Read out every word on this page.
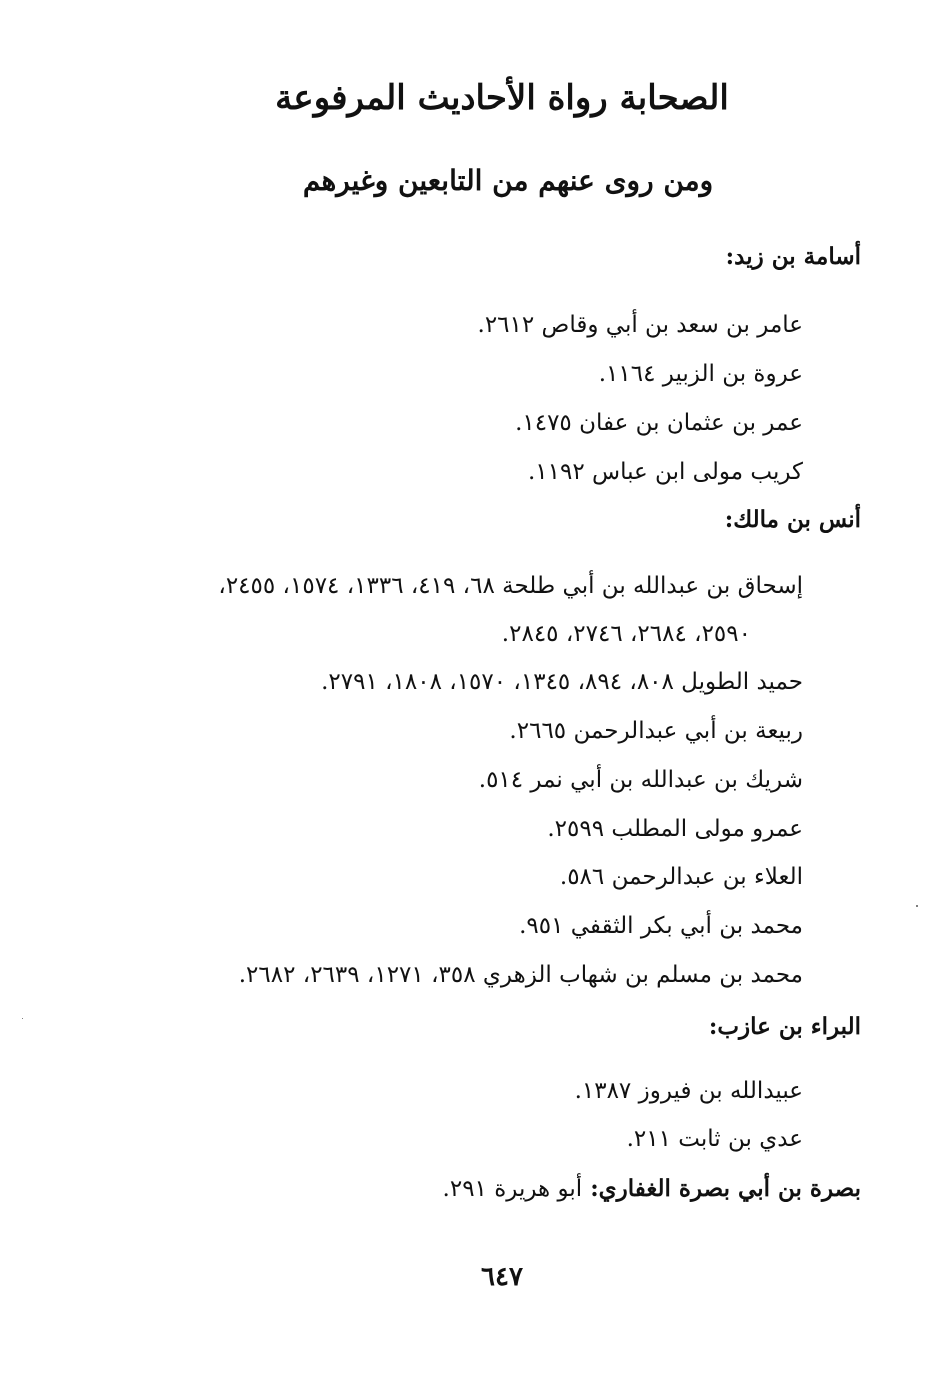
الصحابة رواة الأحاديث المرفوعة
ومن روى عنهم من التابعين وغيرهم
أسامة بن زيد:
عامر بن سعد بن أبي وقاص ٢٦١٢.
عروة بن الزبير ١١٦٤.
عمر بن عثمان بن عفان ١٤٧٥.
كريب مولى ابن عباس ١١٩٢.
أنس بن مالك:
إسحاق بن عبدالله بن أبي طلحة ٦٨، ٤١٩، ١٣٣٦، ١٥٧٤، ٢٤٥٥،
٢٥٩٠، ٢٦٨٤، ٢٧٤٦، ٢٨٤٥.
حميد الطويل ٨٠٨، ٨٩٤، ١٣٤٥، ١٥٧٠، ١٨٠٨، ٢٧٩١.
ربيعة بن أبي عبدالرحمن ٢٦٦٥.
شريك بن عبدالله بن أبي نمر ٥١٤.
عمرو مولى المطلب ٢٥٩٩.
العلاء بن عبدالرحمن ٥٨٦.
محمد بن أبي بكر الثقفي ٩٥١.
محمد بن مسلم بن شهاب الزهري ٣٥٨، ١٢٧١، ٢٦٣٩، ٢٦٨٢.
البراء بن عازب:
عبيدالله بن فيروز ١٣٨٧.
عدي بن ثابت ٢١١.
بصرة بن أبي بصرة الغفاري: أبو هريرة ٢٩١.
٦٤٧
